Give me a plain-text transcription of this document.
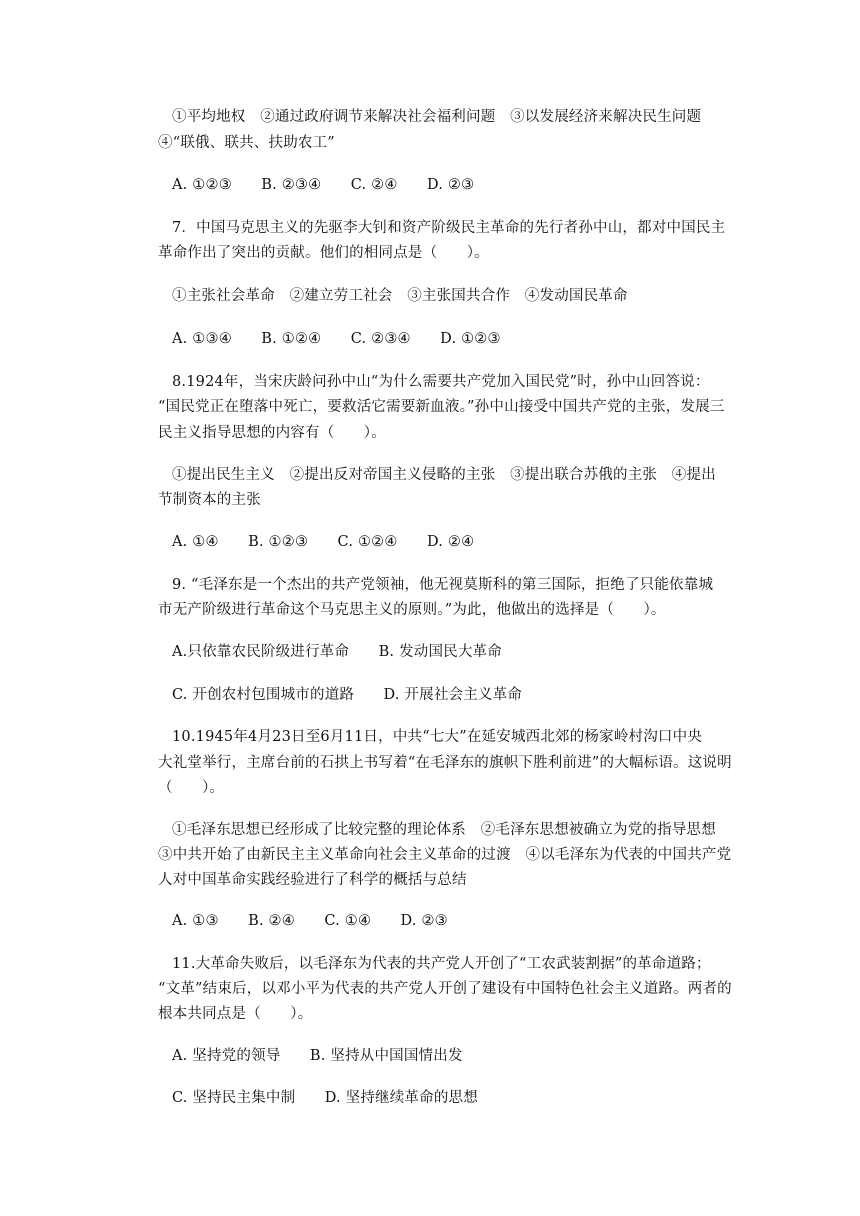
①平均地权　②通过政府调节来解决社会福利问题　③以发展经济来解决民生问题
④“联俄、联共、扶助农工”
A. ①②③　　B. ②③④　　C. ②④　　D. ②③
7．中国马克思主义的先驱李大钊和资产阶级民主革命的先行者孙中山，都对中国民主
革命作出了突出的贡献。他们的相同点是（　　）。
①主张社会革命　②建立劳工社会　③主张国共合作　④发动国民革命
A. ①③④　　B. ①②④　　C. ②③④　　D. ①②③
8.1924年，当宋庆龄问孙中山“为什么需要共产党加入国民党”时，孙中山回答说：
“国民党正在堕落中死亡，要救活它需要新血液。”孙中山接受中国共产党的主张，发展三
民主义指导思想的内容有（　　）。
①提出民生主义　②提出反对帝国主义侵略的主张　③提出联合苏俄的主张　④提出
节制资本的主张
A. ①④　　B. ①②③　　C. ①②④　　D. ②④
9. “毛泽东是一个杰出的共产党领袖，他无视莫斯科的第三国际，拒绝了只能依靠城
市无产阶级进行革命这个马克思主义的原则。”为此，他做出的选择是（　　）。
A.只依靠农民阶级进行革命　　B. 发动国民大革命
C. 开创农村包围城市的道路　　D. 开展社会主义革命
10.1945年4月23日至6月11日，中共“七大”在延安城西北郊的杨家岭村沟口中央
大礼堂举行，主席台前的石拱上书写着“在毛泽东的旗帜下胜利前进”的大幅标语。这说明
（　　）。
①毛泽东思想已经形成了比较完整的理论体系　②毛泽东思想被确立为党的指导思想
③中共开始了由新民主主义革命向社会主义革命的过渡　④以毛泽东为代表的中国共产党
人对中国革命实践经验进行了科学的概括与总结
A. ①③　　B. ②④　　C. ①④　　D. ②③
11.大革命失败后，以毛泽东为代表的共产党人开创了“工农武装割据”的革命道路；
“文革”结束后，以邓小平为代表的共产党人开创了建设有中国特色社会主义道路。两者的
根本共同点是（　　）。
A. 坚持党的领导　　B. 坚持从中国国情出发
C. 坚持民主集中制　　D. 坚持继续革命的思想
